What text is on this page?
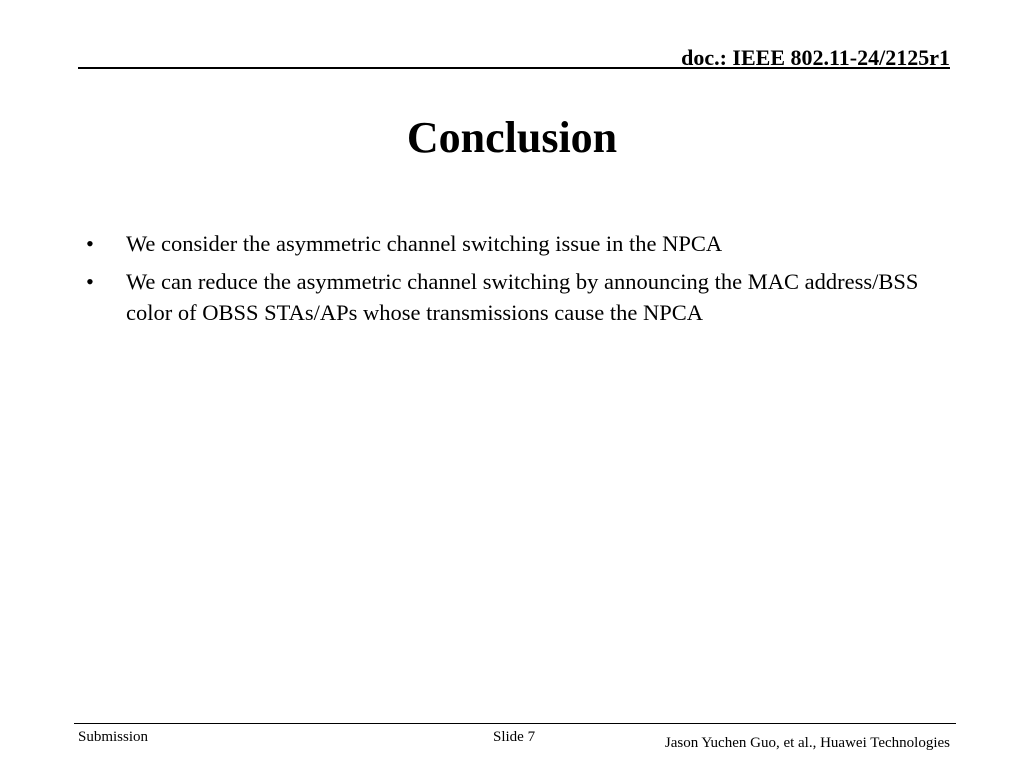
doc.: IEEE 802.11-24/2125r1
Conclusion
•	We consider the asymmetric channel switching issue in the NPCA
•	We can reduce the asymmetric channel switching by announcing the MAC address/BSS color of OBSS STAs/APs whose transmissions cause the NPCA
Submission	Slide 7	Jason Yuchen Guo, et al., Huawei Technologies
